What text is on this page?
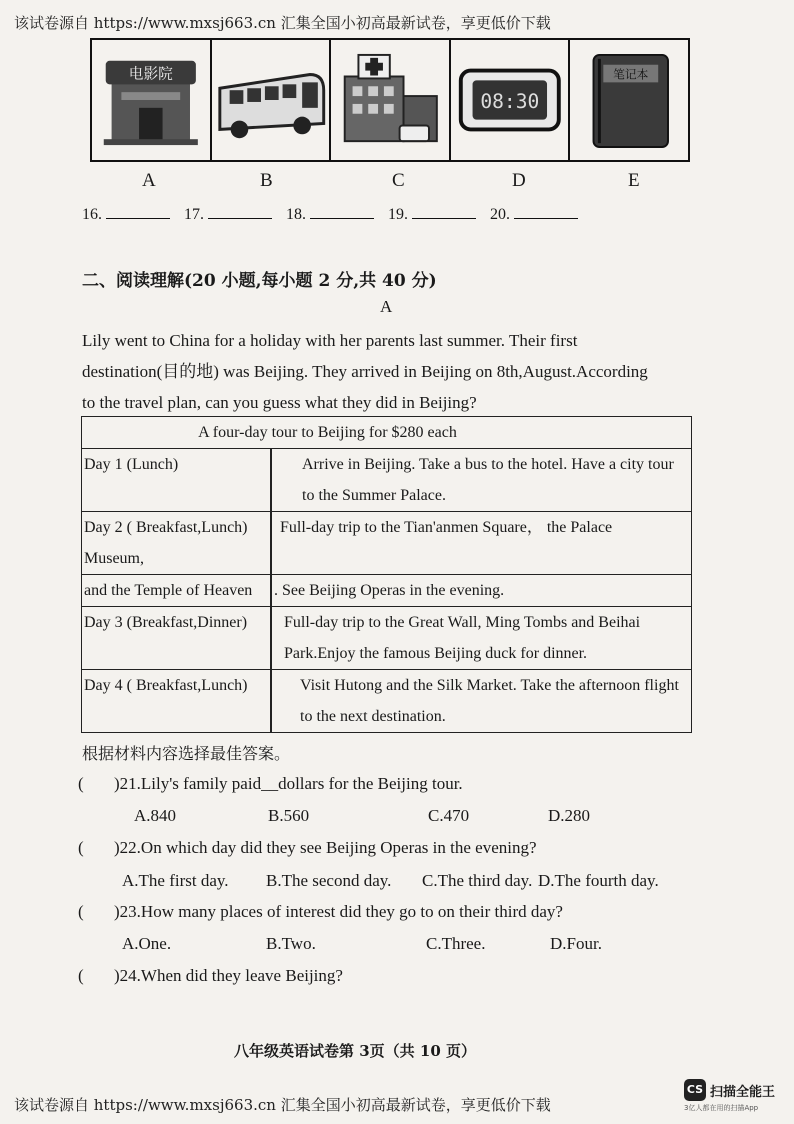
该试卷源自 https://www.mxsj663.cn 汇集全国小初高最新试卷，享更低价下载
电影院
08:30
笔记本
A	B	C	D	E
16.	17.	18.	19.	20.
二、阅读理解(20 小题,每小题 2 分,共 40 分)
A
Lily went to China for a holiday with her parents last summer. Their first
destination(目的地) was Beijing. They arrived in Beijing on 8th,August.According
to the travel plan, can you guess what they did in Beijing?
A four-day tour to Beijing for $280 each	
Day 1 (Lunch)	Arrive in Beijing. Take a bus to the hotel. Have a city tour to the Summer Palace.
Day 2 ( Breakfast,Lunch) Museum,	Full-day trip to the Tian'anmen Square， the Palace
and the Temple of Heaven	. See Beijing Operas in the evening.
Day 3 (Breakfast,Dinner)	Full-day trip to the Great Wall, Ming Tombs and Beihai Park.Enjoy the famous Beijing duck for dinner.
Day 4 ( Breakfast,Lunch)	Visit Hutong and the Silk Market. Take the afternoon flight to the next destination.
根据材料内容选择最佳答案。
( )21.Lily's family paid__dollars for the Beijing tour.
A.840	B.560	C.470	D.280
( )22.On which day did they see Beijing Operas in the evening?
A.The first day. B.The second day. C.The third day. D.The fourth day.
( )23.How many places of interest did they go to on their third day?
A.One.	B.Two.	C.Three.	D.Four.
( )24.When did they leave Beijing?
八年级英语试卷第 3页（共 10 页）
该试卷源自 https://www.mxsj663.cn 汇集全国小初高最新试卷，享更低价下载
CS 扫描全能王
3亿人都在用的扫描App
